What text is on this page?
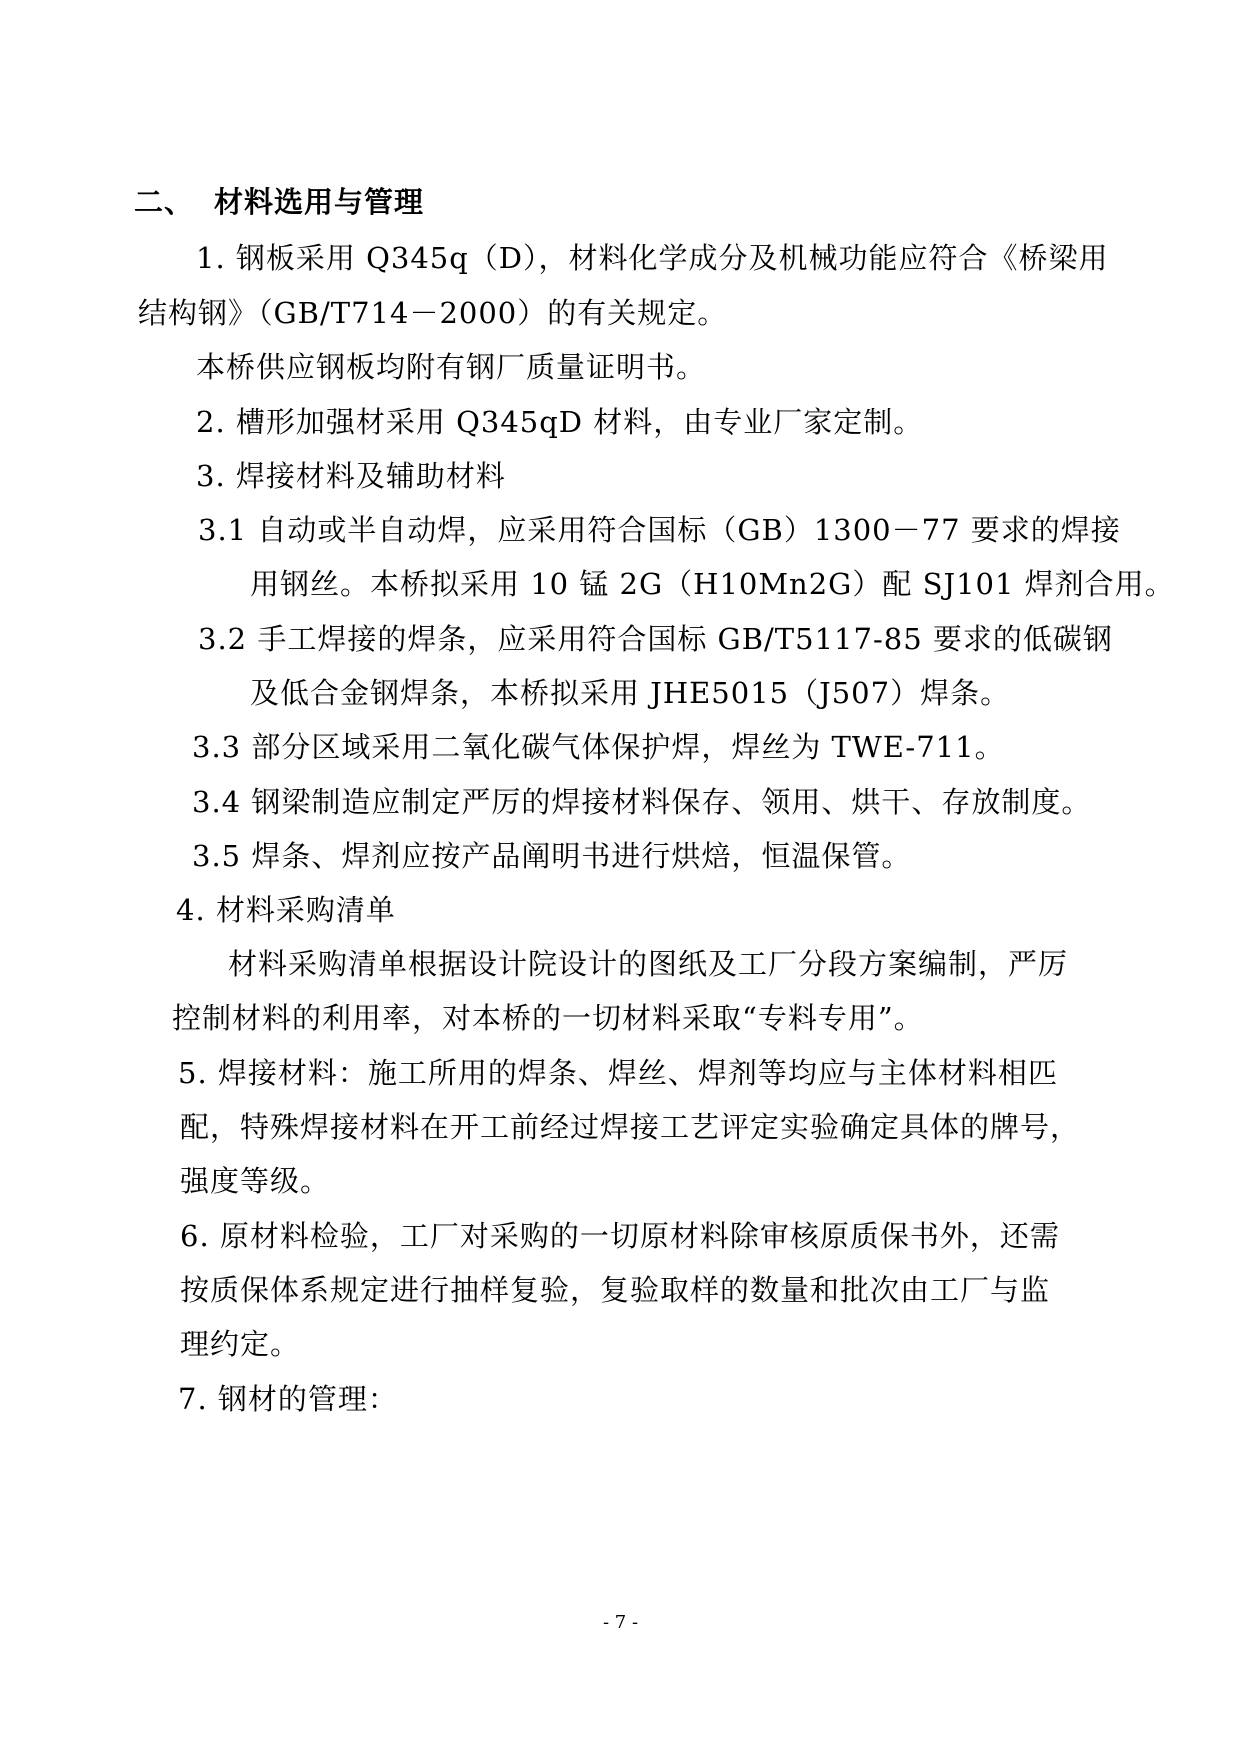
二、 材料选用与管理
1. 钢板采用 Q345q（D），材料化学成分及机械功能应符合《桥梁用
结构钢》（GB/T714－2000）的有关规定。
本桥供应钢板均附有钢厂质量证明书。
2. 槽形加强材采用 Q345qD 材料，由专业厂家定制。
3. 焊接材料及辅助材料
3.1 自动或半自动焊，应采用符合国标（GB）1300－77 要求的焊接
用钢丝。本桥拟采用 10 锰 2G（H10Mn2G）配 SJ101 焊剂合用。
3.2 手工焊接的焊条，应采用符合国标 GB/T5117-85 要求的低碳钢
及低合金钢焊条，本桥拟采用 JHE5015（J507）焊条。
3.3 部分区域采用二氧化碳气体保护焊，焊丝为 TWE-711。
3.4 钢梁制造应制定严厉的焊接材料保存、领用、烘干、存放制度。
3.5 焊条、焊剂应按产品阐明书进行烘焙，恒温保管。
4. 材料采购清单
材料采购清单根据设计院设计的图纸及工厂分段方案编制，严厉
控制材料的利用率，对本桥的一切材料采取“专料专用”。
5. 焊接材料：施工所用的焊条、焊丝、焊剂等均应与主体材料相匹
配，特殊焊接材料在开工前经过焊接工艺评定实验确定具体的牌号，
强度等级。
6. 原材料检验，工厂对采购的一切原材料除审核原质保书外，还需
按质保体系规定进行抽样复验，复验取样的数量和批次由工厂与监
理约定。
7. 钢材的管理：
- 7 -
